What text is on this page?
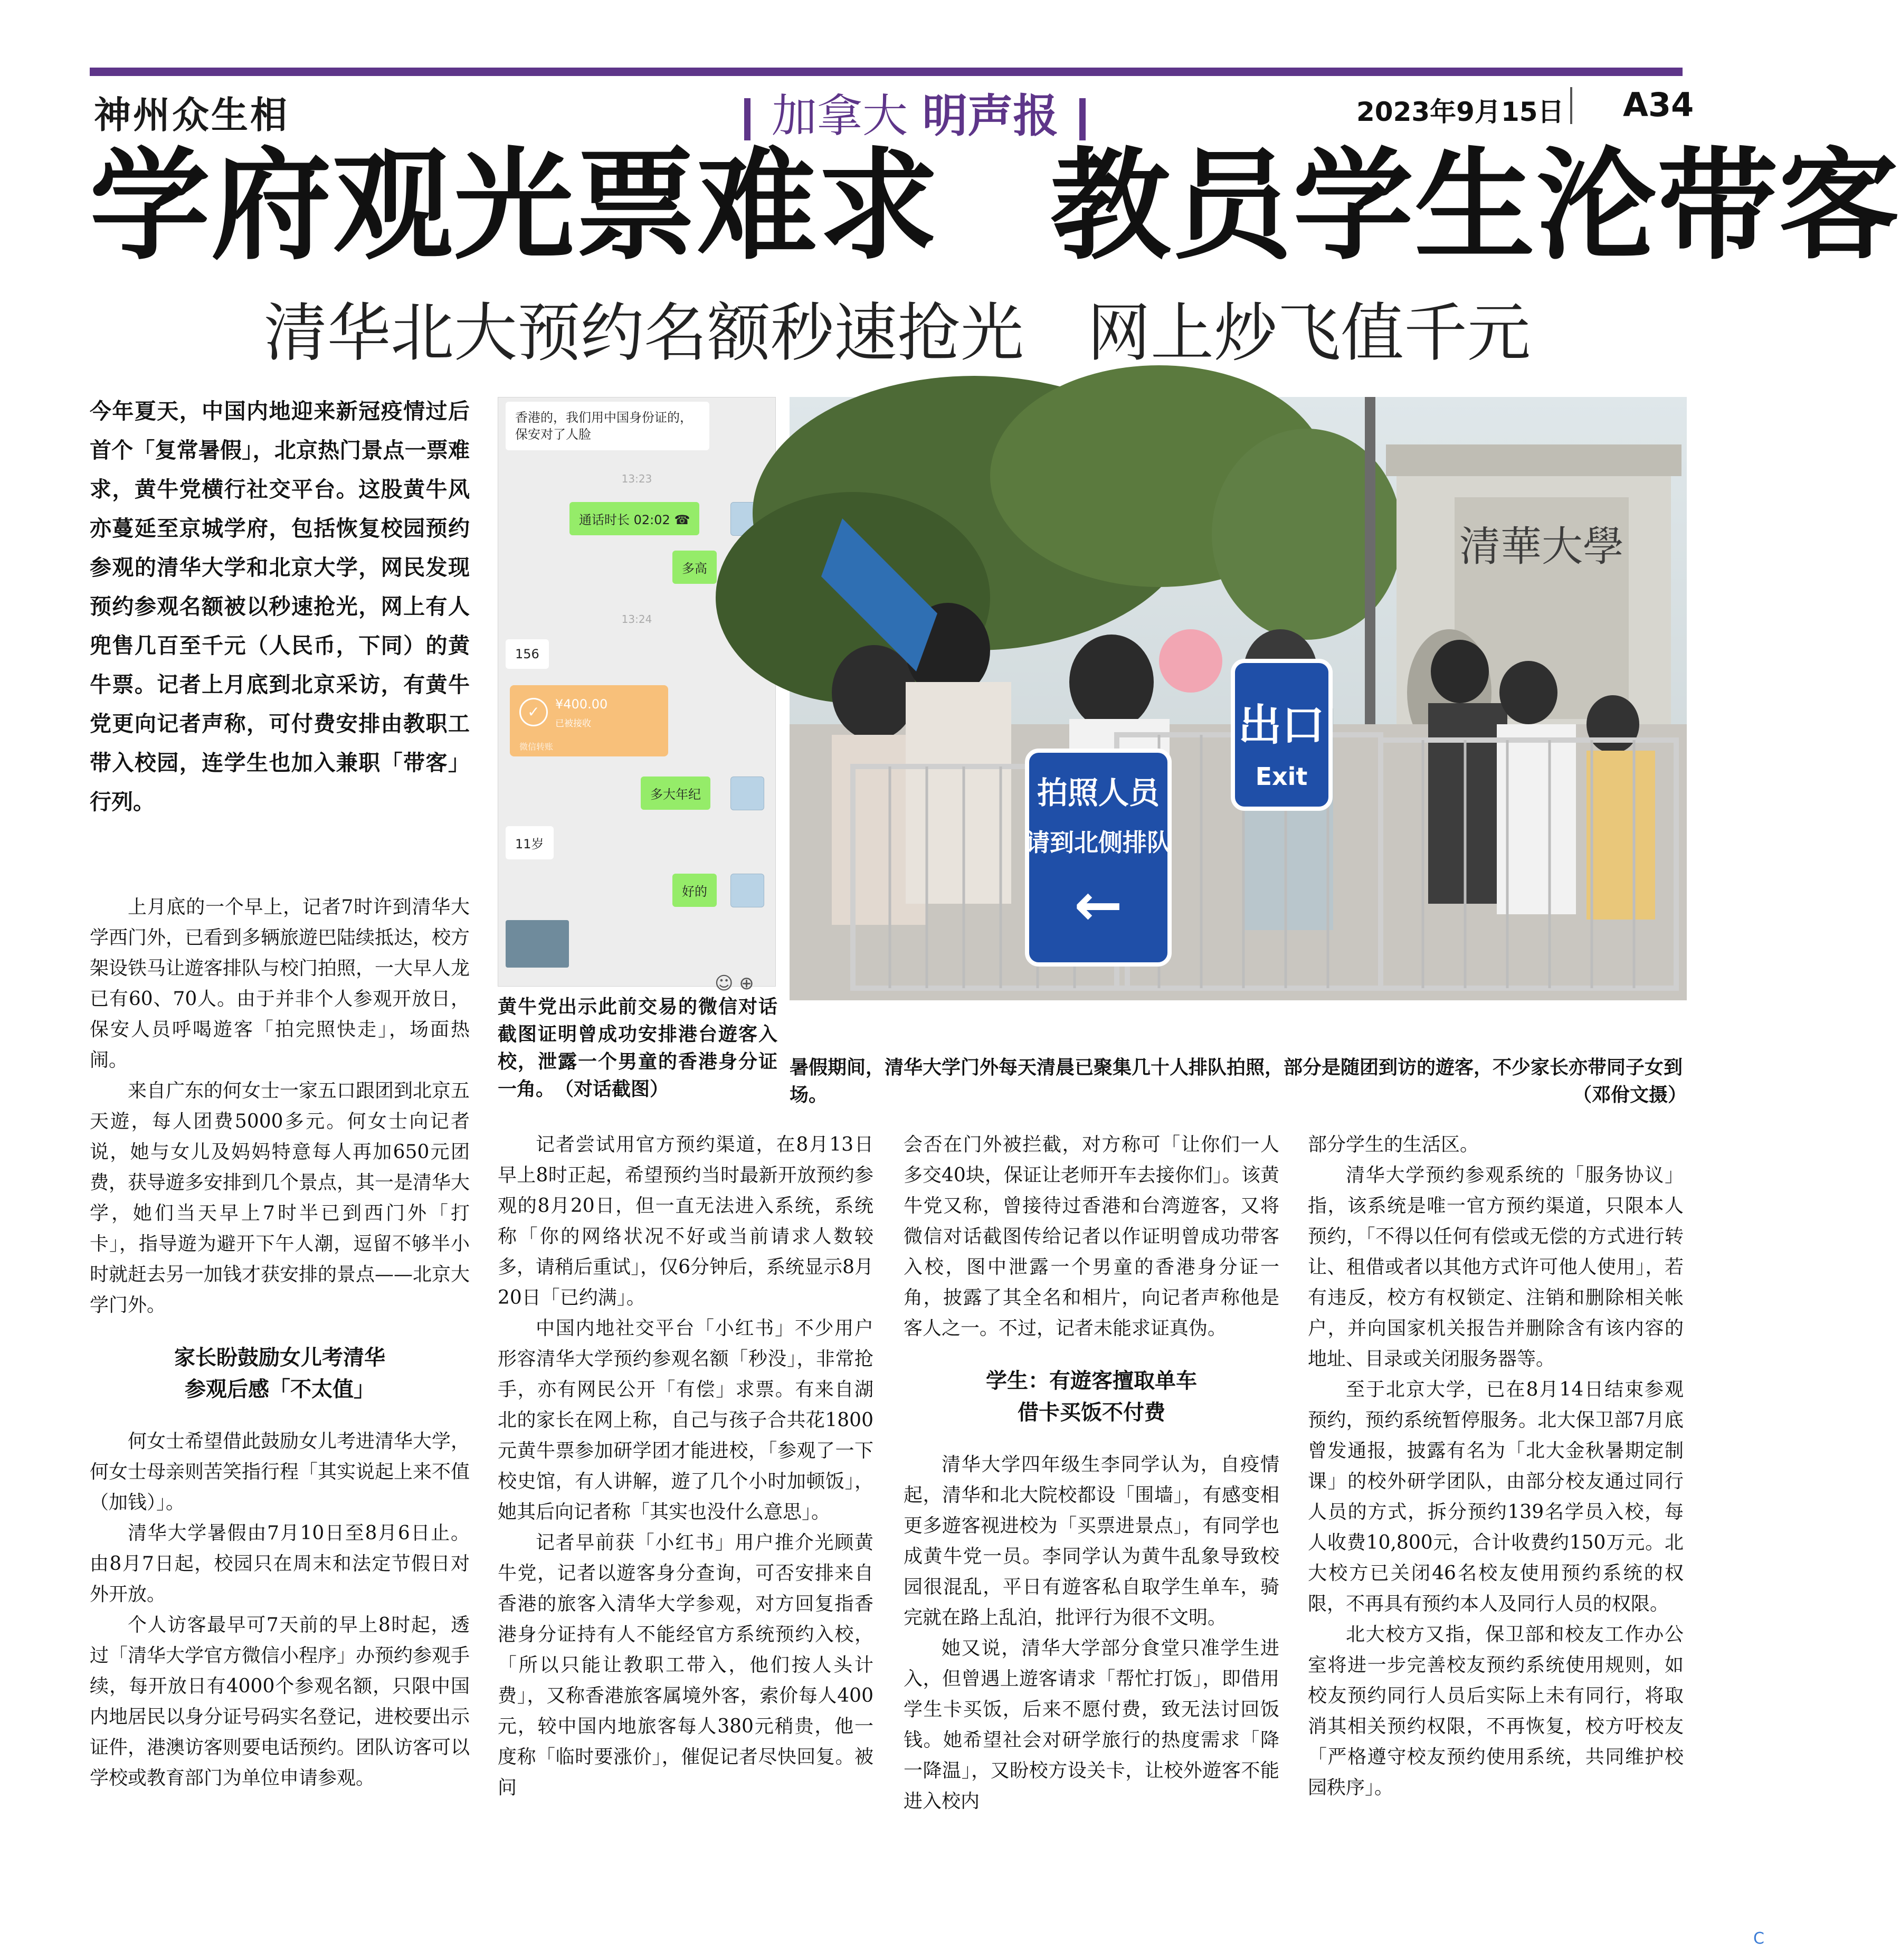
神州众生相	加拿大 明声报	2023年9月15日 A34
学府观光票难求 教员学生沦带客
清华北大预约名额秒速抢光 网上炒飞值千元
今年夏天，中国内地迎来新冠疫情过后首个「复常暑假」，北京热门景点一票难求，黄牛党横行社交平台。这股黄牛风亦蔓延至京城学府，包括恢复校园预约参观的清华大学和北京大学，网民发现预约参观名额被以秒速抢光，网上有人兜售几百至千元（人民币，下同）的黄牛票。记者上月底到北京采访，有黄牛党更向记者声称，可付费安排由教职工带入校园，连学生也加入兼职「带客」行列。
香港的，我们用中国身份证的，保安对了人脸
13:23
通话时长 02:02 ☎
多高
13:24
156
✓	¥400.00
已被接收
微信转账
多大年纪
11岁
好的
☺ ⊕
黄牛党出示此前交易的微信对话截图证明曾成功安排港台遊客入校，泄露一个男童的香港身分证一角。　（对话截图）
清華大學
拍照人员
请到北侧排队
←
出口
Exit
暑假期间，清华大学门外每天清晨已聚集几十人排队拍照，部分是随团到访的遊客，不少家长亦带同子女到场。	（邓佾文摄）

上月底的一个早上，记者7时许到清华大学西门外，已看到多辆旅遊巴陆续抵达，校方架设铁马让遊客排队与校门拍照，一大早人龙已有60、70人。由于并非个人参观开放日，保安人员呼喝遊客「拍完照快走」，场面热闹。

来自广东的何女士一家五口跟团到北京五天遊，每人团费5000多元。何女士向记者说，她与女儿及妈妈特意每人再加650元团费，获导遊多安排到几个景点，其一是清华大学，她们当天早上7时半已到西门外「打卡」，指导遊为避开下午人潮，逗留不够半小时就赶去另一加钱才获安排的景点——北京大学门外。

家长盼鼓励女儿考清华
参观后感「不太值」

何女士希望借此鼓励女儿考进清华大学，何女士母亲则苦笑指行程「其实说起上来不值（加钱）」。

清华大学暑假由7月10日至8月6日止。由8月7日起，校园只在周末和法定节假日对外开放。

个人访客最早可7天前的早上8时起，透过「清华大学官方微信小程序」办预约参观手续，每开放日有4000个参观名额，只限中国内地居民以身分证号码实名登记，进校要出示证件，港澳访客则要电话预约。团队访客可以学校或教育部门为单位申请参观。

记者尝试用官方预约渠道，在8月13日早上8时正起，希望预约当时最新开放预约参观的8月20日，但一直无法进入系统，系统称「你的网络状况不好或当前请求人数较多，请稍后重试」，仅6分钟后，系统显示8月20日「已约满」。

中国内地社交平台「小红书」不少用户形容清华大学预约参观名额「秒没」，非常抢手，亦有网民公开「有偿」求票。有来自湖北的家长在网上称，自己与孩子合共花1800元黄牛票参加研学团才能进校，「参观了一下校史馆，有人讲解，遊了几个小时加顿饭」，她其后向记者称「其实也没什么意思」。

记者早前获「小红书」用户推介光顾黄牛党，记者以遊客身分查询，可否安排来自香港的旅客入清华大学参观，对方回复指香港身分证持有人不能经官方系统预约入校，「所以只能让教职工带入，他们按人头计费」，又称香港旅客属境外客，索价每人400元，较中国内地旅客每人380元稍贵，他一度称「临时要涨价」，催促记者尽快回复。被问

会否在门外被拦截，对方称可「让你们一人多交40块，保证让老师开车去接你们」。该黄牛党又称，曾接待过香港和台湾遊客，又将微信对话截图传给记者以作证明曾成功带客入校，图中泄露一个男童的香港身分证一角，披露了其全名和相片，向记者声称他是客人之一。不过，记者未能求证真伪。

学生：有遊客擅取单车
借卡买饭不付费

清华大学四年级生李同学认为，自疫情起，清华和北大院校都设「围墙」，有感变相更多遊客视进校为「买票进景点」，有同学也成黄牛党一员。李同学认为黄牛乱象导致校园很混乱，平日有遊客私自取学生单车，骑完就在路上乱泊，批评行为很不文明。

她又说，清华大学部分食堂只准学生进入，但曾遇上遊客请求「帮忙打饭」，即借用学生卡买饭，后来不愿付费，致无法讨回饭钱。她希望社会对研学旅行的热度需求「降一降温」，又盼校方设关卡，让校外遊客不能进入校内

部分学生的生活区。

清华大学预约参观系统的「服务协议」指，该系统是唯一官方预约渠道，只限本人预约，「不得以任何有偿或无偿的方式进行转让、租借或者以其他方式许可他人使用」，若有违反，校方有权锁定、注销和删除相关帐户，并向国家机关报告并删除含有该内容的地址、目录或关闭服务器等。

至于北京大学，已在8月14日结束参观预约，预约系统暂停服务。北大保卫部7月底曾发通报，披露有名为「北大金秋暑期定制课」的校外研学团队，由部分校友通过同行人员的方式，拆分预约139名学员入校，每人收费10,800元，合计收费约150万元。北大校方已关闭46名校友使用预约系统的权限，不再具有预约本人及同行人员的权限。

北大校方又指，保卫部和校友工作办公室将进一步完善校友预约系统使用规则，如校友预约同行人员后实际上未有同行，将取消其相关预约权限，不再恢复，校方吁校友「严格遵守校友预约使用系统，共同维护校园秩序」。

C
